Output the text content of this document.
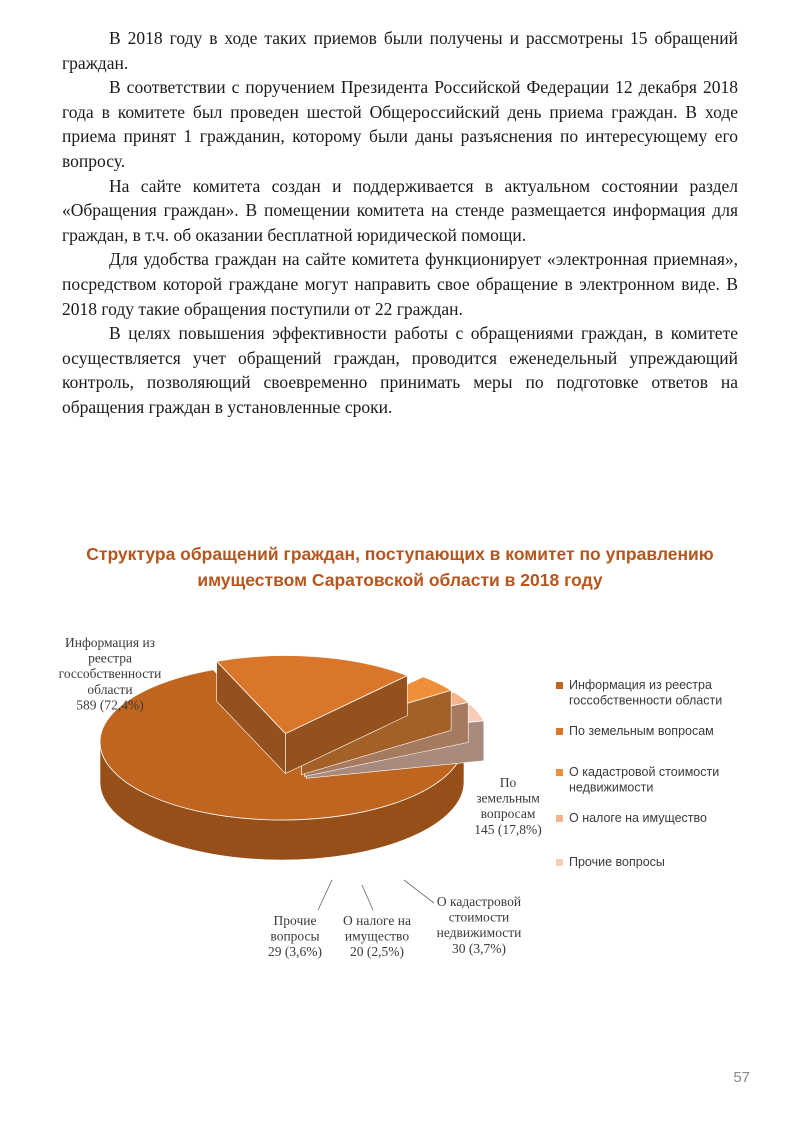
В 2018 году в ходе таких приемов были получены и рассмотрены 15 обращений граждан.

В соответствии с поручением Президента Российской Федерации 12 декабря 2018 года в комитете был проведен шестой Общероссийский день приема граждан. В ходе приема принят 1 гражданин, которому были даны разъяснения по интересующему его вопросу.

На сайте комитета создан и поддерживается в актуальном состоянии раздел «Обращения граждан». В помещении комитета на стенде размещается информация для граждан, в т.ч. об оказании бесплатной юридической помощи.

Для удобства граждан на сайте комитета функционирует «электронная приемная», посредством которой граждане могут направить свое обращение в электронном виде. В 2018 году такие обращения поступили от 22 граждан.

В целях повышения эффективности работы с обращениями граждан, в комитете осуществляется учет обращений граждан, проводится еженедельный упреждающий контроль, позволяющий своевременно принимать меры по подготовке ответов на обращения граждан в установленные сроки.

Структура обращений граждан, поступающих в комитет по управлению имуществом Саратовской области в 2018 году
Информация из реестра госсобственности области 589 (72,4%)
По земельным вопросам 145 (17,8%)
О кадастровой стоимости недвижимости 30 (3,7%)
О налоге на имущество 20 (2,5%)
Прочие вопросы 29 (3,6%)
Информация из реестра госсобственности области
По земельным вопросам
О кадастровой стоимости недвижимости
О налоге на имущество
Прочие вопросы
57
